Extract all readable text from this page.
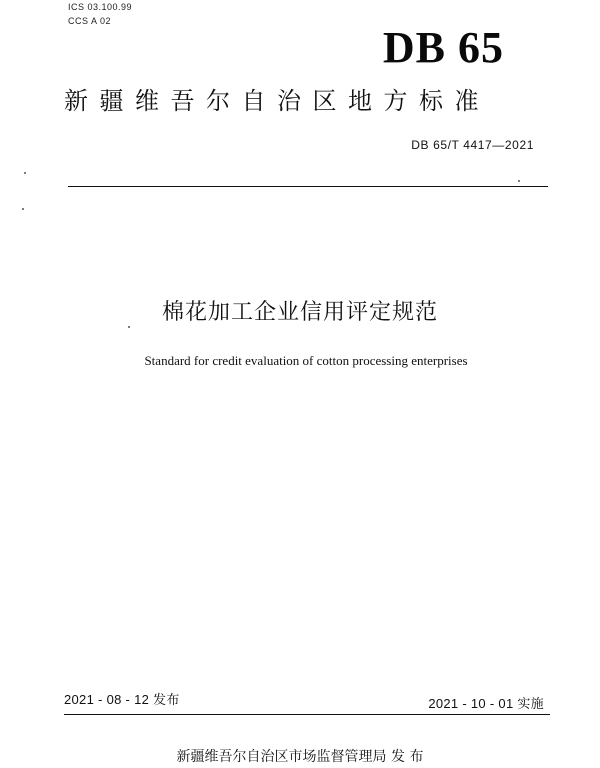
ICS 03.100.99
CCS A 02
DB 65
新疆维吾尔自治区地方标准
DB 65/T 4417—2021
棉花加工企业信用评定规范
Standard for credit evaluation of cotton processing enterprises
2021 - 08 - 12 发布	2021 - 10 - 01 实施
新疆维吾尔自治区市场监督管理局 发 布
